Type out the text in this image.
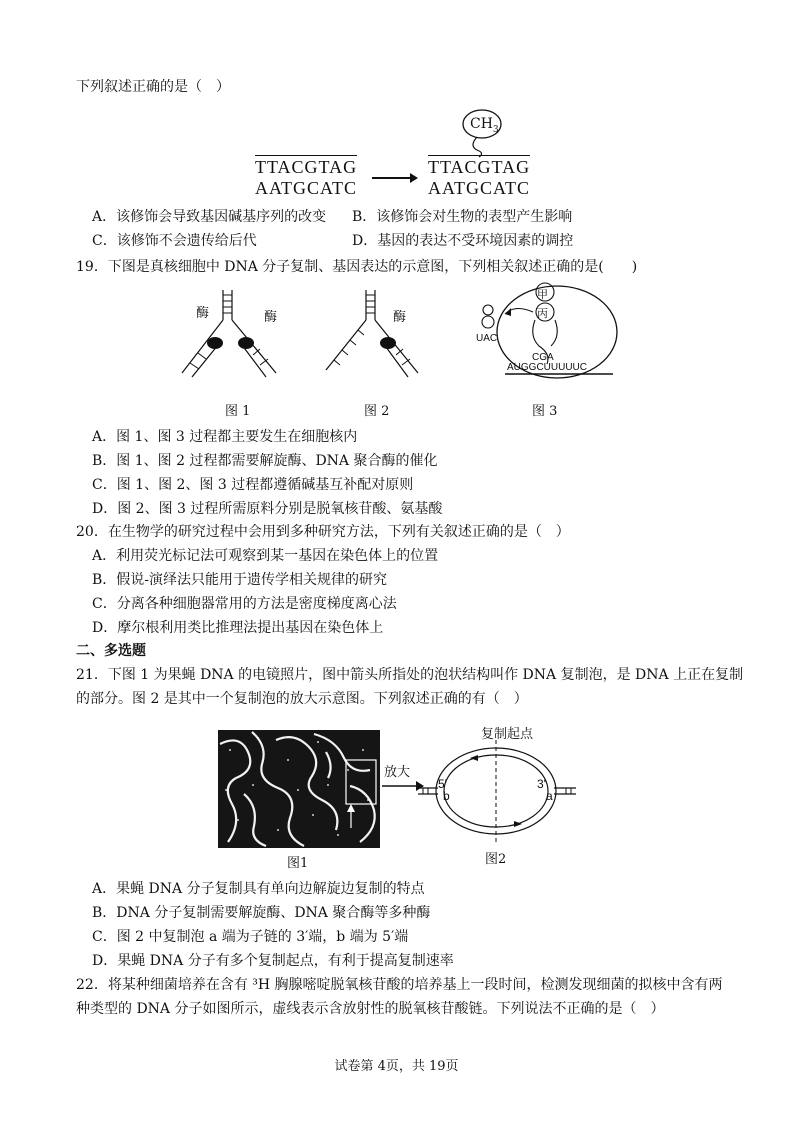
下列叙述正确的是（　）
TTACGTAG
AATGCATC
TTACGTAG
AATGCATC
$CH_3$
A．该修饰会导致基因碱基序列的改变 B．该修饰会对生物的表型产生影响
C．该修饰不会遗传给后代	D．基因的表达不受环境因素的调控
19．下图是真核细胞中 DNA 分子复制、基因表达的示意图，下列相关叙述正确的是(　　)
酶	酶
图 1
酶
图 2
甲
丙
UAC
CGA
AUGGCUUUUUC
图 3
A．图 1、图 3 过程都主要发生在细胞核内
B．图 1、图 2 过程都需要解旋酶、DNA 聚合酶的催化
C．图 1、图 2、图 3 过程都遵循碱基互补配对原则
D．图 2、图 3 过程所需原料分别是脱氧核苷酸、氨基酸
20．在生物学的研究过程中会用到多种研究方法，下列有关叙述正确的是（　）
A．利用荧光标记法可观察到某一基因在染色体上的位置
B．假说-演绎法只能用于遗传学相关规律的研究
C．分离各种细胞器常用的方法是密度梯度离心法
D．摩尔根利用类比推理法提出基因在染色体上
二、多选题
21．下图 1 为果蝇 DNA 的电镜照片，图中箭头所指处的泡状结构叫作 DNA 复制泡，是 DNA 上正在复制
的部分。图 2 是其中一个复制泡的放大示意图。下列叙述正确的有（　）
图1
放大
复制起点
5'
b
3'
a
图2
A．果蝇 DNA 分子复制具有单向边解旋边复制的特点
B．DNA 分子复制需要解旋酶、DNA 聚合酶等多种酶
C．图 2 中复制泡 a 端为子链的 3′端，b 端为 5′端
D．果蝇 DNA 分子有多个复制起点，有利于提高复制速率
22．将某种细菌培养在含有 ³H 胸腺嘧啶脱氧核苷酸的培养基上一段时间，检测发现细菌的拟核中含有两
种类型的 DNA 分子如图所示，虚线表示含放射性的脱氧核苷酸链。下列说法不正确的是（　）
试卷第 4页，共 19页
